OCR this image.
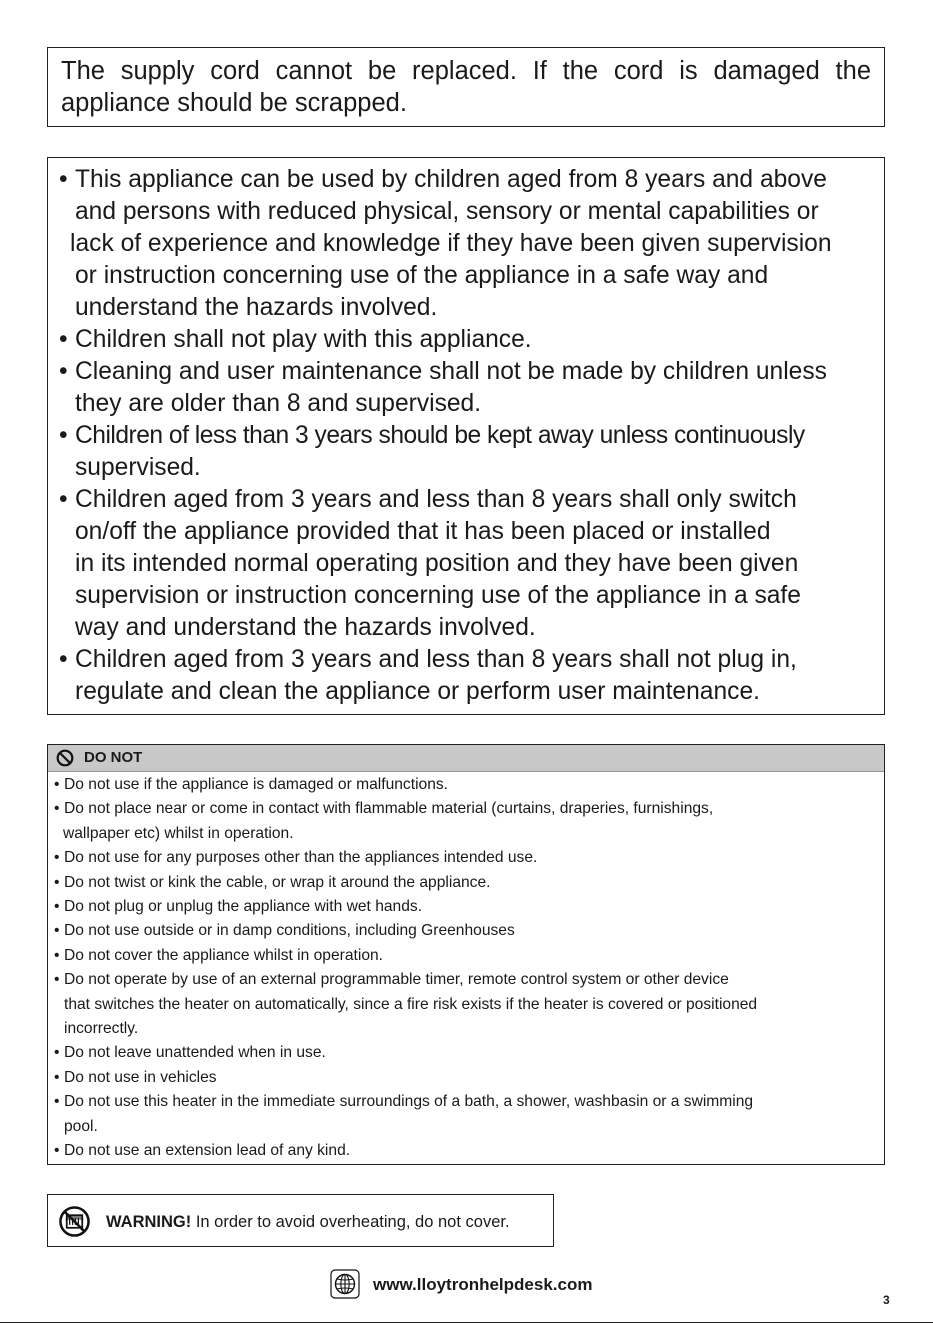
The supply cord cannot be replaced. If the cord is damaged the appliance should be scrapped.

• This appliance can be used by children aged from 8 years and above
and persons with reduced physical, sensory or mental capabilities or
lack of experience and knowledge if they have been given supervision
or instruction concerning use of the appliance in a safe way and
understand the hazards involved.
• Children shall not play with this appliance.
• Cleaning and user maintenance shall not be made by children unless
they are older than 8 and supervised.
• Children of less than 3 years should be kept away unless continuously
supervised.
• Children aged from 3 years and less than 8 years shall only switch
on/off the appliance provided that it has been placed or installed
in its intended normal operating position and they have been given
supervision or instruction concerning use of the appliance in a safe
way and understand the hazards involved.
• Children aged from 3 years and less than 8 years shall not plug in,
regulate and clean the appliance or perform user maintenance.
DO NOT
• Do not use if the appliance is damaged or malfunctions.
• Do not place near or come in contact with flammable material (curtains, draperies, furnishings,
wallpaper etc) whilst in operation.
• Do not use for any purposes other than the appliances intended use.
• Do not twist or kink the cable, or wrap it around the appliance.
• Do not plug or unplug the appliance with wet hands.
• Do not use outside or in damp conditions, including Greenhouses
• Do not cover the appliance whilst in operation.
• Do not operate by use of an external programmable timer, remote control system or other device
that switches the heater on automatically, since a fire risk exists if the heater is covered or positioned
incorrectly.
• Do not leave unattended when in use.
• Do not use in vehicles
• Do not use this heater in the immediate surroundings of a bath, a shower, washbasin or a swimming
pool.
• Do not use an extension lead of any kind.
WARNING! In order to avoid overheating, do not cover.
www.lloytronhelpdesk.com
3
